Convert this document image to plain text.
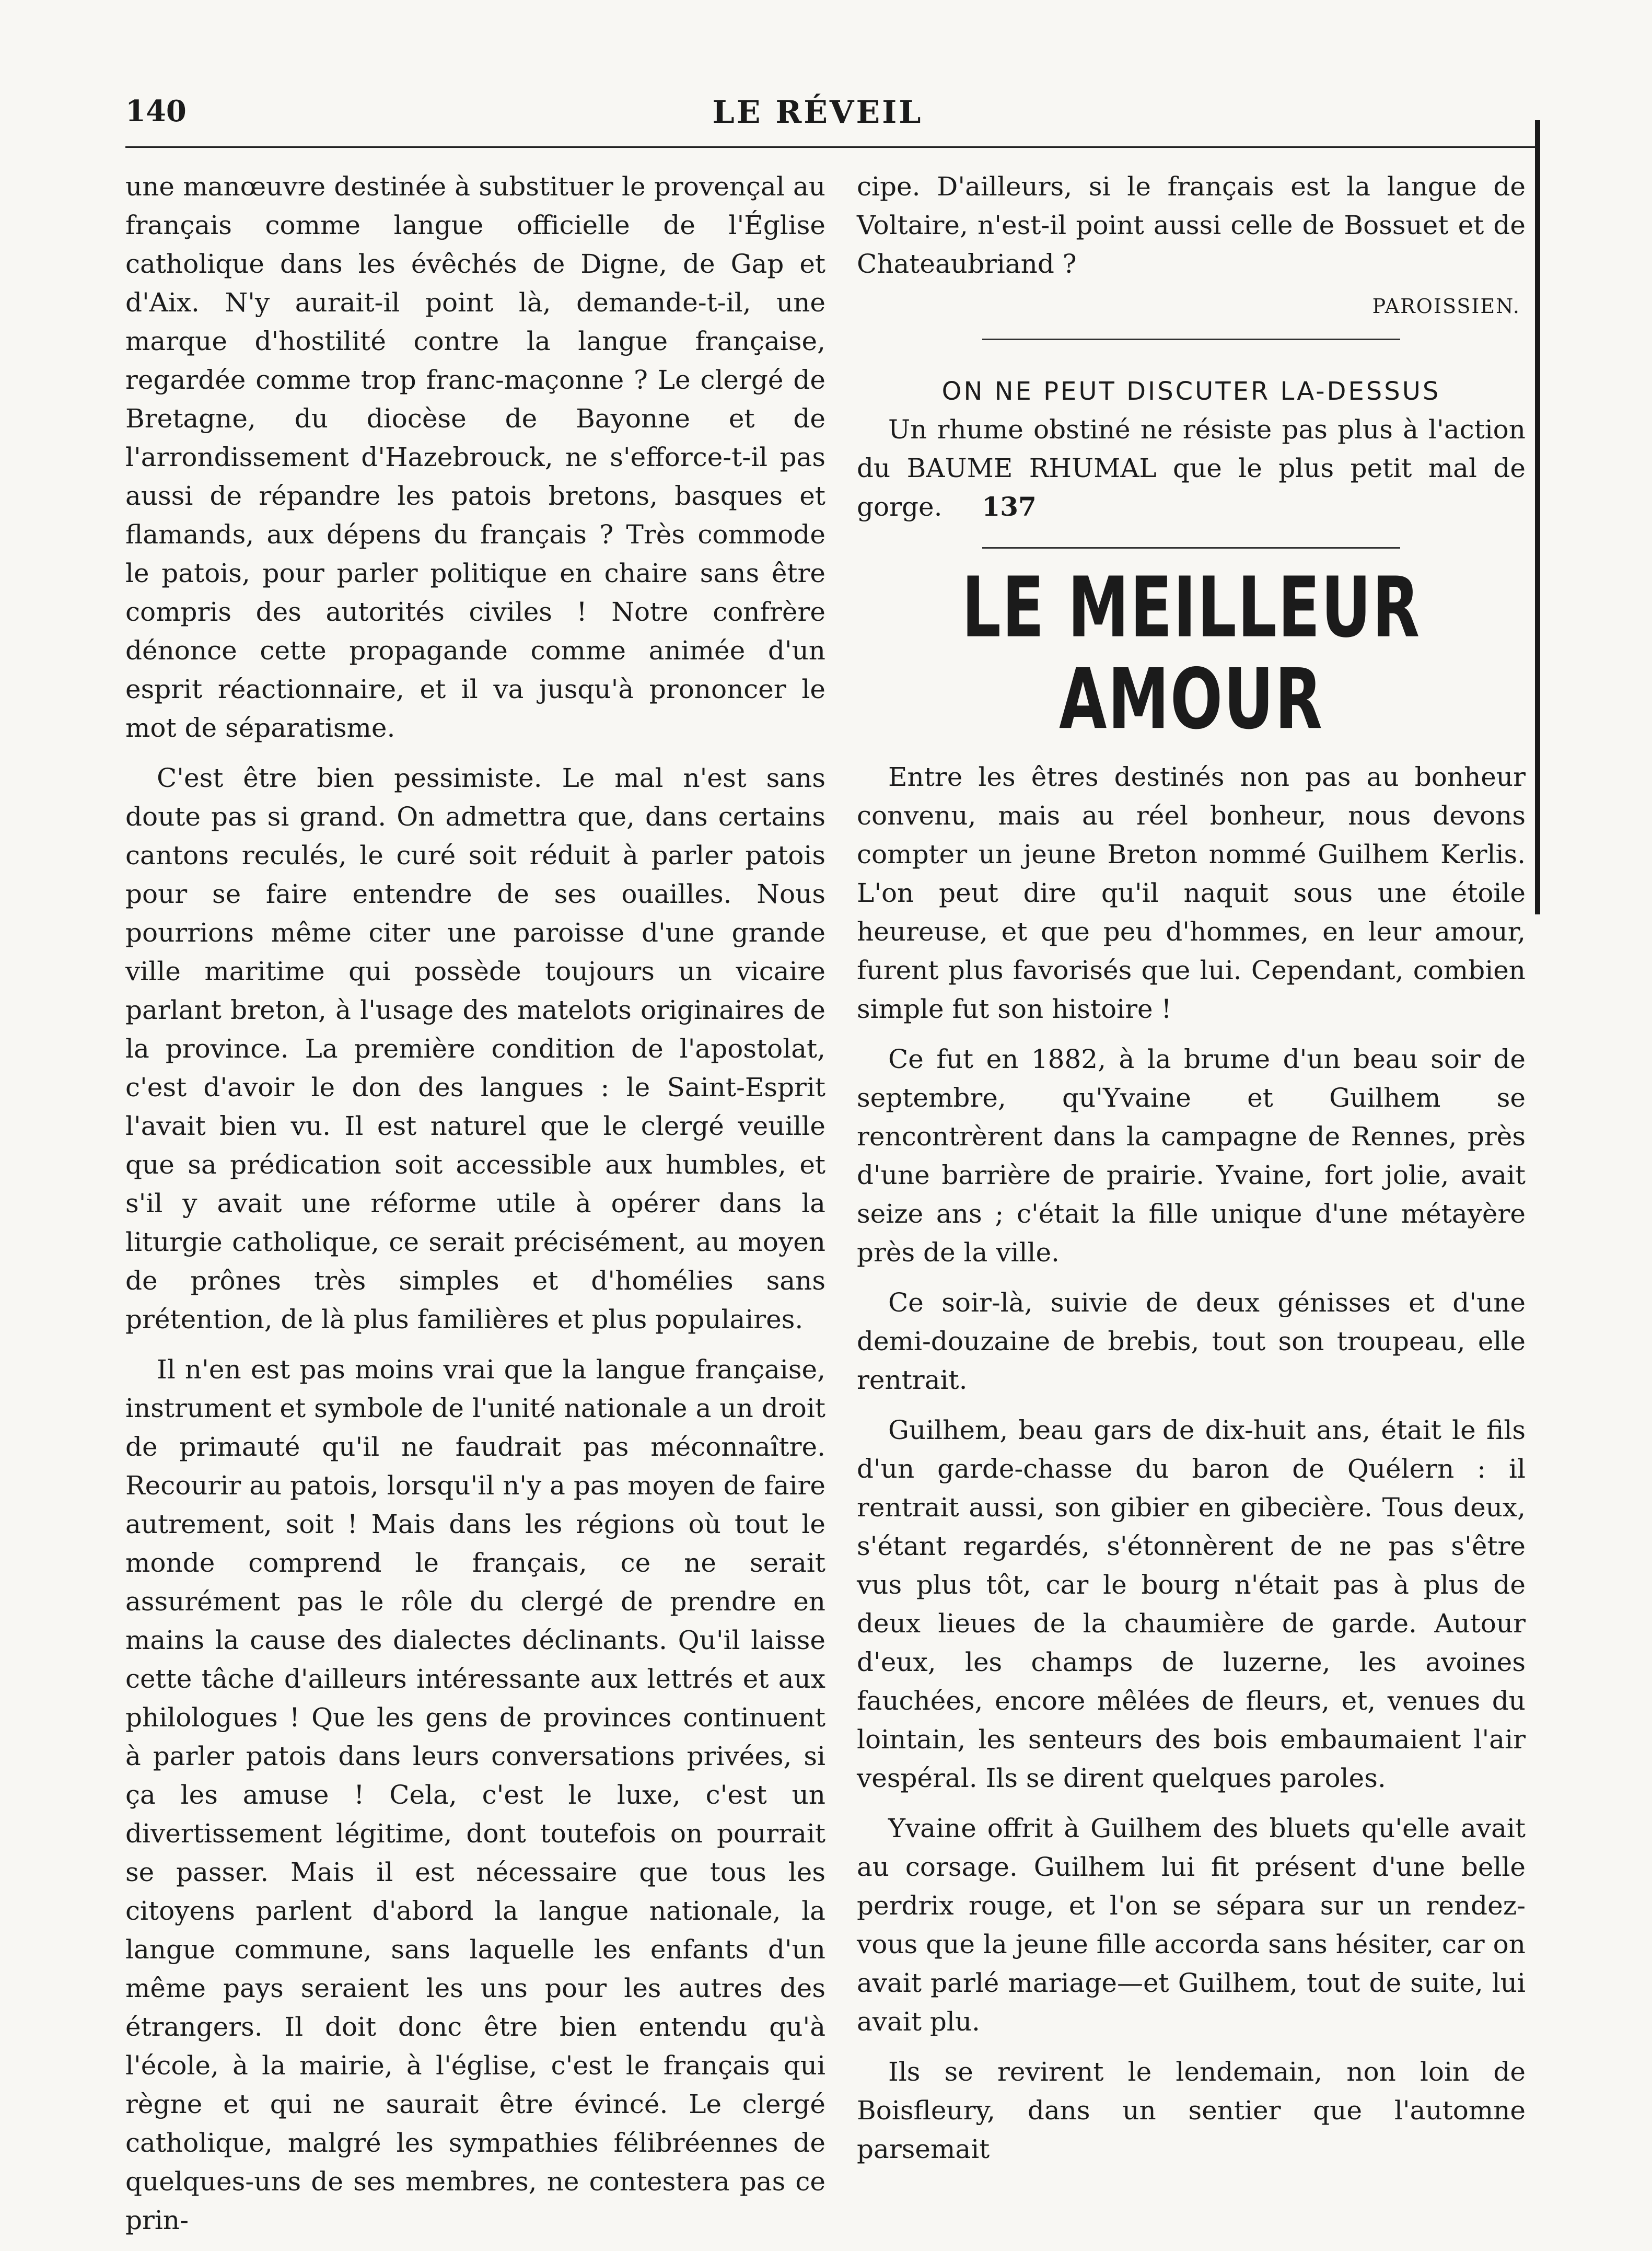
140	LE RÉVEIL

une manœuvre destinée à substituer le provençal au français comme langue officielle de l'Église catholique dans les évêchés de Digne, de Gap et d'Aix. N'y aurait-il point là, demande-t-il, une marque d'hostilité contre la langue française, regardée comme trop franc-maçonne ? Le clergé de Bretagne, du diocèse de Bayonne et de l'arrondissement d'Hazebrouck, ne s'efforce-t-il pas aussi de répandre les patois bretons, basques et flamands, aux dépens du français ? Très commode le patois, pour parler politique en chaire sans être compris des autorités civiles ! Notre confrère dénonce cette propagande comme animée d'un esprit réactionnaire, et il va jusqu'à prononcer le mot de séparatisme.

C'est être bien pessimiste. Le mal n'est sans doute pas si grand. On admettra que, dans certains cantons reculés, le curé soit réduit à parler patois pour se faire entendre de ses ouailles. Nous pourrions même citer une paroisse d'une grande ville maritime qui possède toujours un vicaire parlant breton, à l'usage des matelots originaires de la province. La première condition de l'apostolat, c'est d'avoir le don des langues : le Saint-Esprit l'avait bien vu. Il est naturel que le clergé veuille que sa prédication soit accessible aux humbles, et s'il y avait une réforme utile à opérer dans la liturgie catholique, ce serait précisément, au moyen de prônes très simples et d'homélies sans prétention, de là plus familières et plus populaires.

Il n'en est pas moins vrai que la langue française, instrument et symbole de l'unité nationale a un droit de primauté qu'il ne faudrait pas méconnaître. Recourir au patois, lorsqu'il n'y a pas moyen de faire autrement, soit ! Mais dans les régions où tout le monde comprend le français, ce ne serait assurément pas le rôle du clergé de prendre en mains la cause des dialectes déclinants. Qu'il laisse cette tâche d'ailleurs intéressante aux lettrés et aux philologues ! Que les gens de provinces continuent à parler patois dans leurs conversations privées, si ça les amuse ! Cela, c'est le luxe, c'est un divertissement légitime, dont toutefois on pourrait se passer. Mais il est nécessaire que tous les citoyens parlent d'abord la langue nationale, la langue commune, sans laquelle les enfants d'un même pays seraient les uns pour les autres des étrangers. Il doit donc être bien entendu qu'à l'école, à la mairie, à l'église, c'est le français qui règne et qui ne saurait être évincé. Le clergé catholique, malgré les sympathies félibréennes de quelques-uns de ses membres, ne contestera pas ce prin-

cipe. D'ailleurs, si le français est la langue de Voltaire, n'est-il point aussi celle de Bossuet et de Chateaubriand ?

PAROISSIEN.
ON NE PEUT DISCUTER LA-DESSUS

Un rhume obstiné ne résiste pas plus à l'action du BAUME RHUMAL que le plus petit mal de gorge. 137

LE MEILLEUR AMOUR

Entre les êtres destinés non pas au bonheur convenu, mais au réel bonheur, nous devons compter un jeune Breton nommé Guilhem Kerlis. L'on peut dire qu'il naquit sous une étoile heureuse, et que peu d'hommes, en leur amour, furent plus favorisés que lui. Cependant, combien simple fut son histoire !

Ce fut en 1882, à la brume d'un beau soir de septembre, qu'Yvaine et Guilhem se rencontrèrent dans la campagne de Rennes, près d'une barrière de prairie. Yvaine, fort jolie, avait seize ans ; c'était la fille unique d'une métayère près de la ville.

Ce soir-là, suivie de deux génisses et d'une demi-douzaine de brebis, tout son troupeau, elle rentrait.

Guilhem, beau gars de dix-huit ans, était le fils d'un garde-chasse du baron de Quélern : il rentrait aussi, son gibier en gibecière. Tous deux, s'étant regardés, s'étonnèrent de ne pas s'être vus plus tôt, car le bourg n'était pas à plus de deux lieues de la chaumière de garde. Autour d'eux, les champs de luzerne, les avoines fauchées, encore mêlées de fleurs, et, venues du lointain, les senteurs des bois embaumaient l'air vespéral. Ils se dirent quelques paroles.

Yvaine offrit à Guilhem des bluets qu'elle avait au corsage. Guilhem lui fit présent d'une belle perdrix rouge, et l'on se sépara sur un rendez-vous que la jeune fille accorda sans hésiter, car on avait parlé mariage—et Guilhem, tout de suite, lui avait plu.

Ils se revirent le lendemain, non loin de Boisfleury, dans un sentier que l'automne parsemait
